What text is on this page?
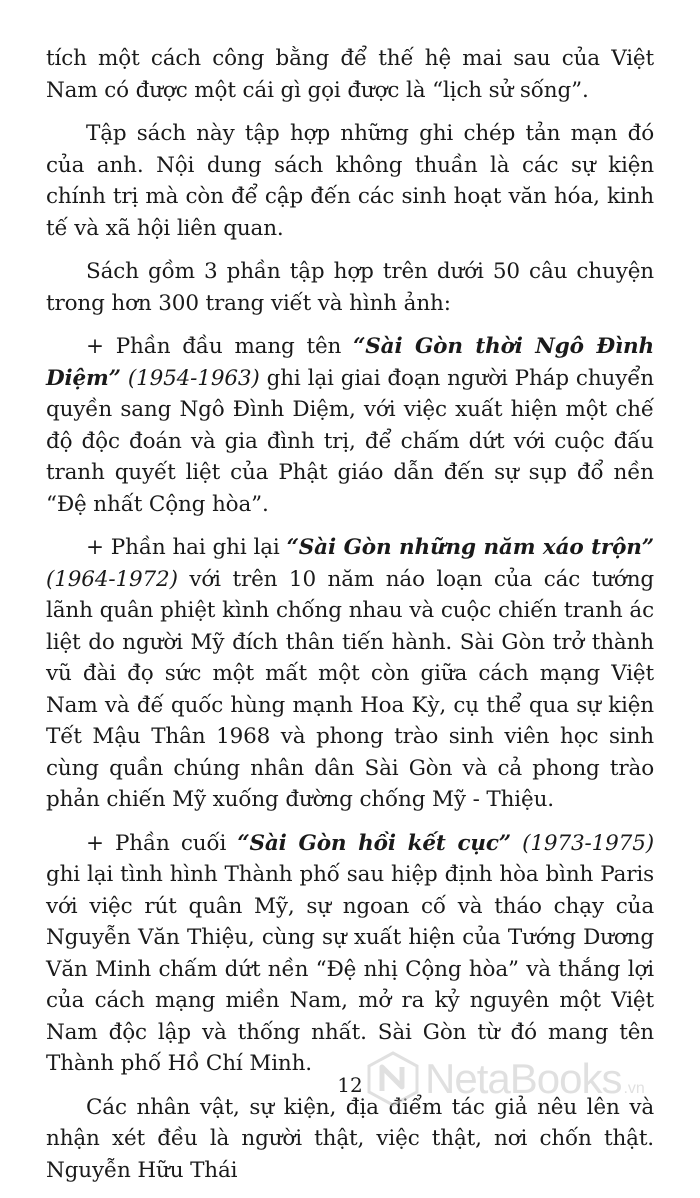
tích một cách công bằng để thế hệ mai sau của Việt Nam có được một cái gì gọi được là “lịch sử sống”.

Tập sách này tập hợp những ghi chép tản mạn đó của anh. Nội dung sách không thuần là các sự kiện chính trị mà còn để cập đến các sinh hoạt văn hóa, kinh tế và xã hội liên quan.

Sách gồm 3 phần tập hợp trên dưới 50 câu chuyện trong hơn 300 trang viết và hình ảnh:

+ Phần đầu mang tên “Sài Gòn thời Ngô Đình Diệm” (1954-1963) ghi lại giai đoạn người Pháp chuyển quyền sang Ngô Đình Diệm, với việc xuất hiện một chế độ độc đoán và gia đình trị, để chấm dứt với cuộc đấu tranh quyết liệt của Phật giáo dẫn đến sự sụp đổ nền “Đệ nhất Cộng hòa”.

+ Phần hai ghi lại “Sài Gòn những năm xáo trộn” (1964-1972) với trên 10 năm náo loạn của các tướng lãnh quân phiệt kình chống nhau và cuộc chiến tranh ác liệt do người Mỹ đích thân tiến hành. Sài Gòn trở thành vũ đài đọ sức một mất một còn giữa cách mạng Việt Nam và đế quốc hùng mạnh Hoa Kỳ, cụ thể qua sự kiện Tết Mậu Thân 1968 và phong trào sinh viên học sinh cùng quần chúng nhân dân Sài Gòn và cả phong trào phản chiến Mỹ xuống đường chống Mỹ - Thiệu.

+ Phần cuối “Sài Gòn hồi kết cục” (1973-1975) ghi lại tình hình Thành phố sau hiệp định hòa bình Paris với việc rút quân Mỹ, sự ngoan cố và tháo chạy của Nguyễn Văn Thiệu, cùng sự xuất hiện của Tướng Dương Văn Minh chấm dứt nền “Đệ nhị Cộng hòa” và thắng lợi của cách mạng miền Nam, mở ra kỷ nguyên một Việt Nam độc lập và thống nhất. Sài Gòn từ đó mang tên Thành phố Hồ Chí Minh.

Các nhân vật, sự kiện, địa điểm tác giả nêu lên và nhận xét đều là người thật, việc thật, nơi chốn thật. Nguyễn Hữu Thái

12	NetaBooks .vn
